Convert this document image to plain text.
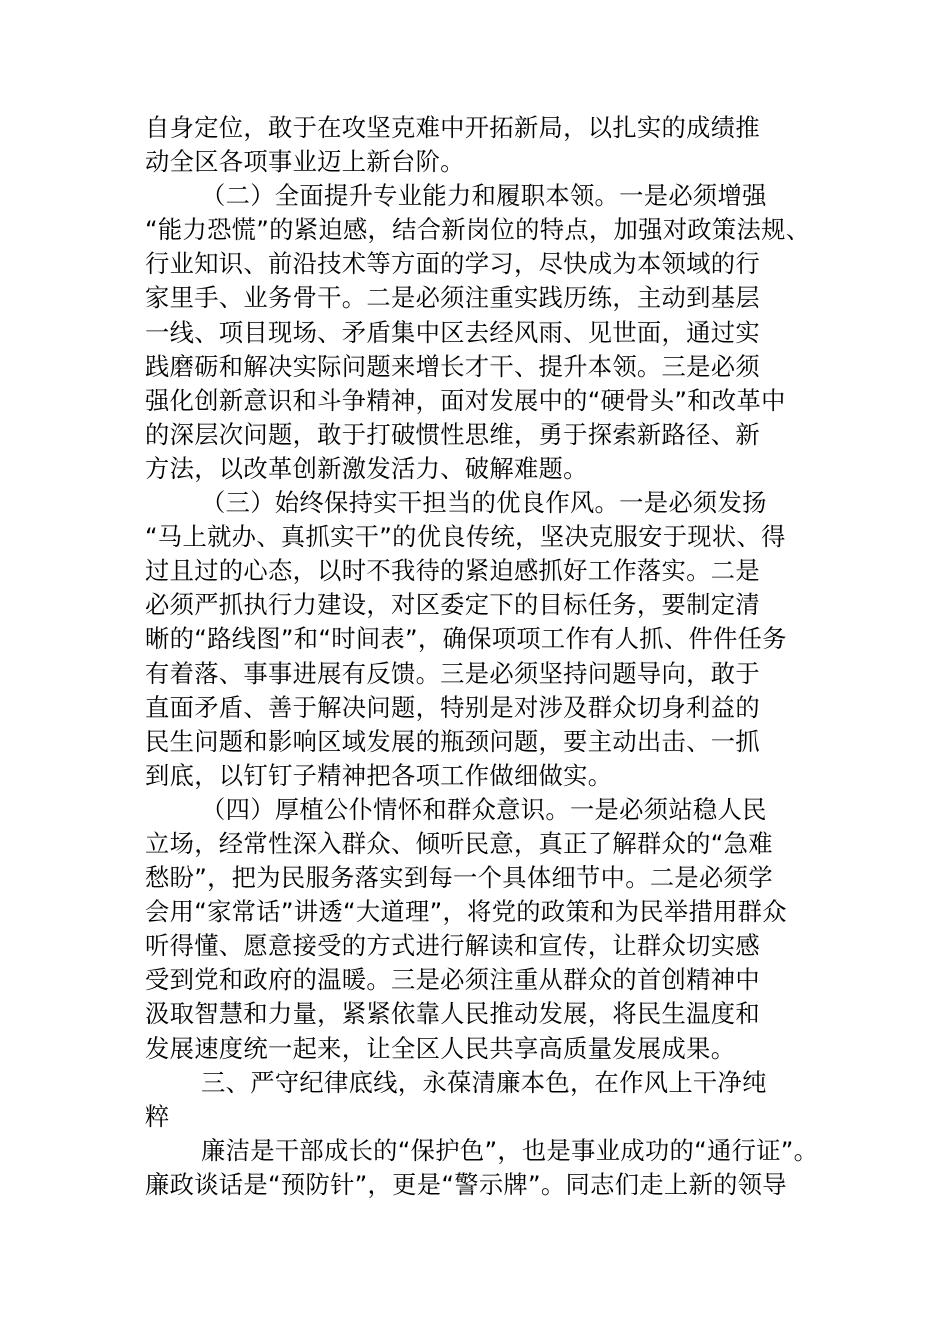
自身定位，敢于在攻坚克难中开拓新局，以扎实的成绩推
动全区各项事业迈上新台阶。
（二）全面提升专业能力和履职本领。一是必须增强
“能力恐慌”的紧迫感，结合新岗位的特点，加强对政策法规、
行业知识、前沿技术等方面的学习，尽快成为本领域的行
家里手、业务骨干。二是必须注重实践历练，主动到基层
一线、项目现场、矛盾集中区去经风雨、见世面，通过实
践磨砺和解决实际问题来增长才干、提升本领。三是必须
强化创新意识和斗争精神，面对发展中的“硬骨头”和改革中
的深层次问题，敢于打破惯性思维，勇于探索新路径、新
方法，以改革创新激发活力、破解难题。
（三）始终保持实干担当的优良作风。一是必须发扬
“马上就办、真抓实干”的优良传统，坚决克服安于现状、得
过且过的心态，以时不我待的紧迫感抓好工作落实。二是
必须严抓执行力建设，对区委定下的目标任务，要制定清
晰的“路线图”和“时间表”，确保项项工作有人抓、件件任务
有着落、事事进展有反馈。三是必须坚持问题导向，敢于
直面矛盾、善于解决问题，特别是对涉及群众切身利益的
民生问题和影响区域发展的瓶颈问题，要主动出击、一抓
到底，以钉钉子精神把各项工作做细做实。
（四）厚植公仆情怀和群众意识。一是必须站稳人民
立场，经常性深入群众、倾听民意，真正了解群众的“急难
愁盼”，把为民服务落实到每一个具体细节中。二是必须学
会用“家常话”讲透“大道理”，将党的政策和为民举措用群众
听得懂、愿意接受的方式进行解读和宣传，让群众切实感
受到党和政府的温暖。三是必须注重从群众的首创精神中
汲取智慧和力量，紧紧依靠人民推动发展，将民生温度和
发展速度统一起来，让全区人民共享高质量发展成果。
三、严守纪律底线，永葆清廉本色，在作风上干净纯
粹
廉洁是干部成长的“保护色”，也是事业成功的“通行证”。
廉政谈话是“预防针”，更是“警示牌”。同志们走上新的领导
